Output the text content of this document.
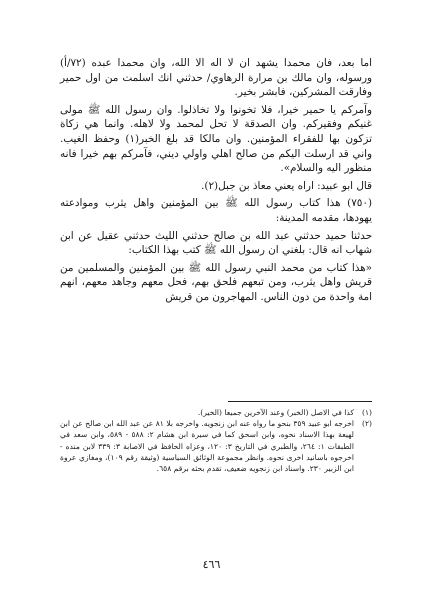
اما بعد، فان محمدا يشهد ان لا اله الا الله، وان محمدا عبده (٧٢/أ) ورسوله، وان مالك بن مرارة الرهاوي/ حدثني انك اسلمت من اول حمير وفارقت المشركين، فابشر بخير.

وآمركم يا حمير خيرا، فلا تخونوا ولا تخاذلوا. وان رسول الله ﷺ مولى غنيكم وفقيركم. وان الصدقة لا تحل لمحمد ولا لاهله. وانما هي زكاة تزكون بها للفقراء المؤمنين. وان مالكا قد بلغ الخبر(١) وحفظ الغيب. واني قد ارسلت اليكم من صالح اهلي واولي ديني، فآمركم بهم خيرا فانه منظور اليه والسلام».

قال ابو عبيد: اراه يعني معاذ بن جبل(٢).

(٧٥٠) هذا كتاب رسول الله ﷺ بين المؤمنين واهل يثرب وموادعته يهودها، مقدمه المدينة:

حدثنا حميد حدثني عبد الله بن صالح حدثني الليث حدثني عقيل عن ابن شهاب انه قال: بلغني ان رسول الله ﷺ كتب بهذا الكتاب:

«هذا كتاب من محمد النبي رسول الله ﷺ بين المؤمنين والمسلمين من قريش واهل يثرب، ومن تبعهم فلحق بهم، فحل معهم وجاهد معهم، انهم امة واحدة من دون الناس. المهاجرون من قريش

(١)
كذا في الاصل (الخبر) وعند الآخرين جميعا (الخير).
(٢)
اخرجه ابو عبيد ٣٥٩ بنحو ما رواه عنه ابن زنجويه. واخرجه بلا ٨١ عن عبد الله ابن صالح عن ابن لهيعة بهذا الاسناد نحوه، وابن اسحق كما في سيرة ابن هشام ٢: ٥٨٨ - ٥٨٩، وابن سعد في الطبقات ١: ٢٦٤، والطبري في التاريخ ٣: ١٢٠، وعزاه الحافظ في الاصابة ٣: ٣٣٩ لابن منده - اخرجوه باسانيد اخرى نحوه. وانظر مجموعة الوثائق السياسية (وثيقة رقم ١٠٩)، ومغازي عروة ابن الزبير ٢٣٠. واسناد ابن زنجويه ضعيف، تقدم بحثه برقم ٦٥٨.
٤٦٦
